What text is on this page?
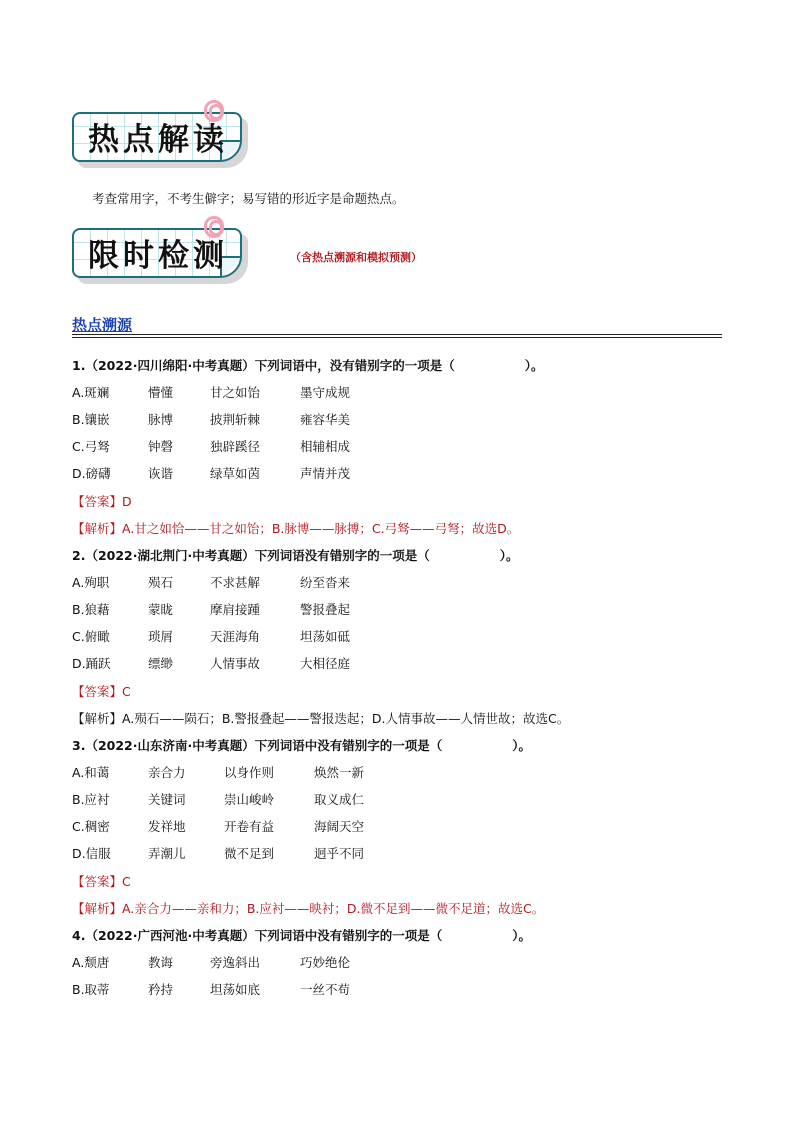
热点解读
考查常用字，不考生僻字；易写错的形近字是命题热点。
限时检测	（含热点溯源和模拟预测）
热点溯源
1.（2022·四川绵阳·中考真题）下列词语中，没有错别字的一项是（	）。
A.斑斓	懵懂	甘之如饴	墨守成规
B.镶嵌	脉博	披荆斩棘	雍容华美
C.弓驽	钟磬	独辟蹊径	相辅相成
D.磅礴	诙谐	绿草如茵	声情并茂
【答案】D
【解析】A.甘之如恰——甘之如饴；B.脉博——脉搏；C.弓驽——弓弩；故选D。
2.（2022·湖北荆门·中考真题）下列词语没有错别字的一项是（	）。
A.殉职	殒石	不求甚解	纷至沓来
B.狼藉	蒙眬	摩肩接踵	警报叠起
C.俯瞰	琐屑	天涯海角	坦荡如砥
D.踊跃	缥缈	人情事故	大相径庭
【答案】C
【解析】A.殒石——陨石；B.警报叠起——警报迭起；D.人情事故——人情世故；故选C。
3.（2022·山东济南·中考真题）下列词语中没有错别字的一项是（	）。
A.和蔼	亲合力	以身作则	焕然一新
B.应衬	关键词	崇山峻岭	取义成仁
C.稠密	发祥地	开卷有益	海阔天空
D.信服	弄潮儿	微不足到	迥乎不同
【答案】C
【解析】A.亲合力——亲和力；B.应衬——映衬；D.微不足到——微不足道；故选C。
4.（2022·广西河池·中考真题）下列词语中没有错别字的一项是（	）。
A.颓唐	教诲	旁逸斜出	巧妙绝伦
B.取蒂	矜持	坦荡如底	一丝不苟
